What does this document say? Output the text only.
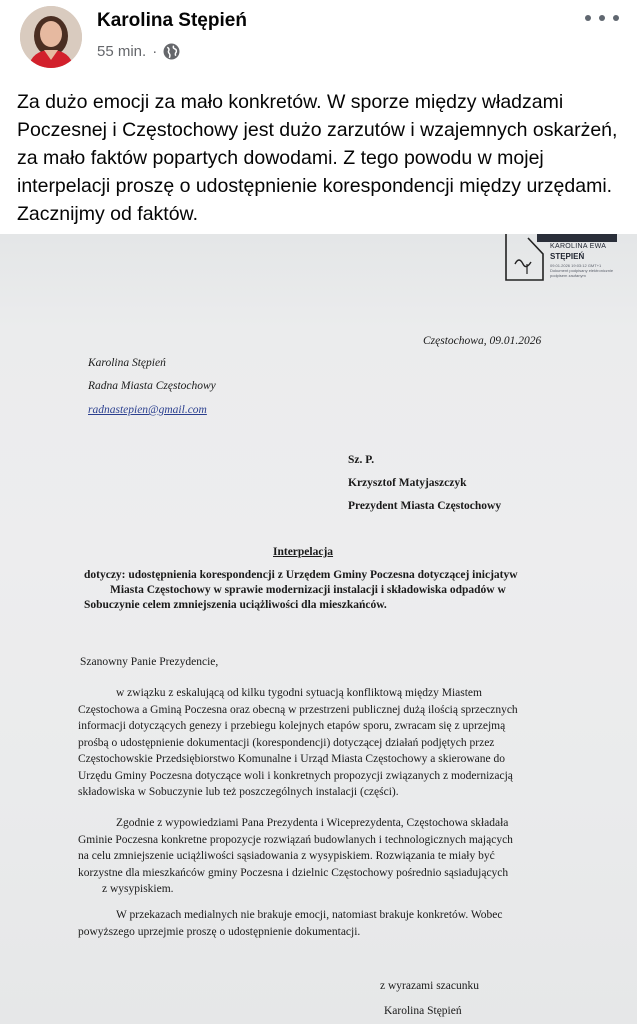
Karolina Stępień
55 min. ·
Za dużo emocji za mało konkretów. W sporze między władzami Poczesnej i Częstochowy jest dużo zarzutów i wzajemnych oskarżeń, za mało faktów popartych dowodami. Z tego powodu w mojej interpelacji proszę o udostępnienie korespondencji między urzędami. Zacznijmy od faktów.
KAROLINA EWA
STĘPIEŃ
09.01.2026 19:03:12 GMT+1 Dokument podpisany elektronicznie podpisem zaufanym
Częstochowa, 09.01.2026
Karolina Stępień
Radna Miasta Częstochowy
radnastepien@gmail.com
Sz. P.
Krzysztof Matyjaszczyk
Prezydent Miasta Częstochowy
Interpelacja
dotyczy: udostępnienia korespondencji z Urzędem Gminy Poczesna dotyczącej inicjatyw
Miasta Częstochowy w sprawie modernizacji instalacji i składowiska odpadów w
Sobuczynie celem zmniejszenia uciążliwości dla mieszkańców.
Szanowny Panie Prezydencie,
w związku z eskalującą od kilku tygodni sytuacją konfliktową między Miastem
Częstochowa a Gminą Poczesna oraz obecną w przestrzeni publicznej dużą ilością sprzecznych
informacji dotyczących genezy i przebiegu kolejnych etapów sporu, zwracam się z uprzejmą
prośbą o udostępnienie dokumentacji (korespondencji) dotyczącej działań podjętych przez
Częstochowskie Przedsiębiorstwo Komunalne i Urząd Miasta Częstochowy a skierowane do
Urzędu Gminy Poczesna dotyczące woli i konkretnych propozycji związanych z modernizacją
składowiska w Sobuczynie lub też poszczególnych instalacji (części).
Zgodnie z wypowiedziami Pana Prezydenta i Wiceprezydenta, Częstochowa składała
Gminie Poczesna konkretne propozycje rozwiązań budowlanych i technologicznych mających
na celu zmniejszenie uciążliwości sąsiadowania z wysypiskiem. Rozwiązania te miały być
korzystne dla mieszkańców gminy Poczesna i dzielnic Częstochowy pośrednio sąsiadujących
z wysypiskiem.
W przekazach medialnych nie brakuje emocji, natomiast brakuje konkretów. Wobec
powyższego uprzejmie proszę o udostępnienie dokumentacji.
z wyrazami szacunku
Karolina Stępień
